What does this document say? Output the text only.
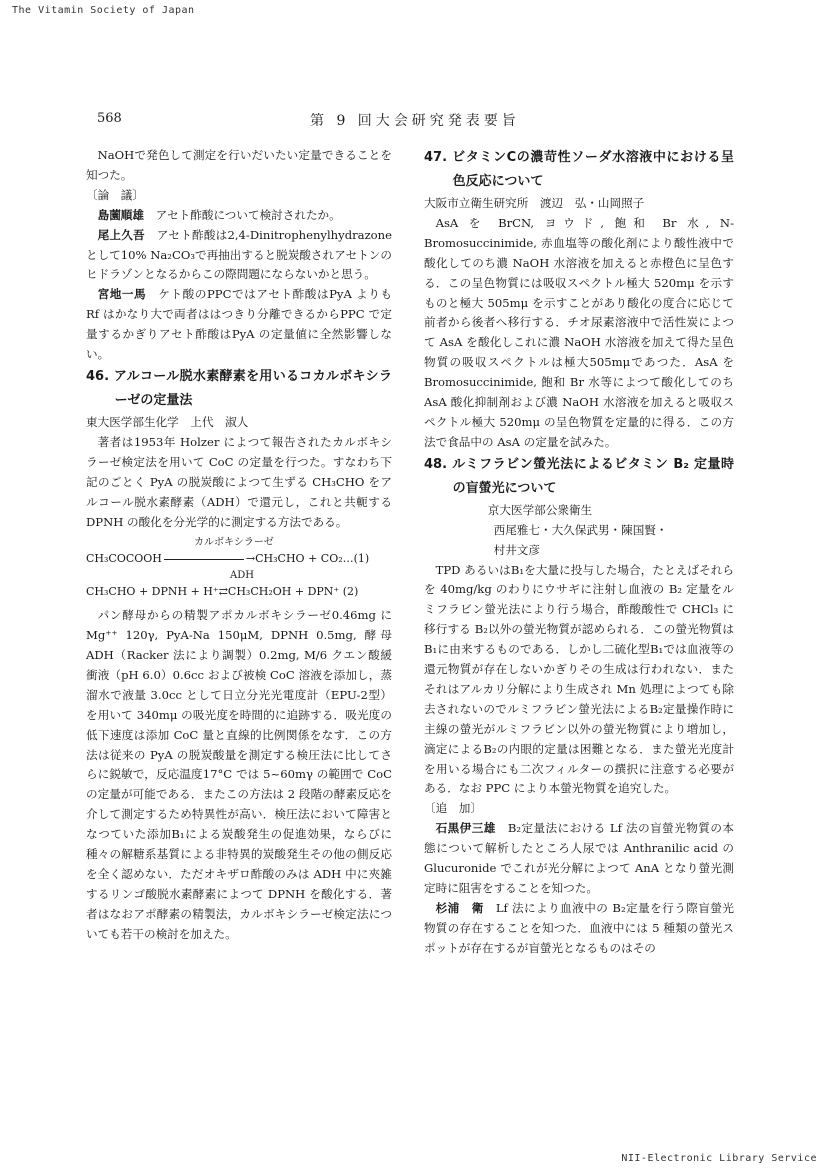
The Vitamin Society of Japan
568	第 9 回大会研究発表要旨

NaOHで発色して測定を行いだいたい定量できることを知つた。

〔論　議〕

島薗順雄　 アセト酢酸について検討されたか。

尾上久吾　 アセト酢酸は2,4-Dinitrophenylhydrazone として10% Na₂CO₃で再抽出すると脱炭酸されアセトンのヒドラゾンとなるからこの際問題にならないかと思う。

宮地一馬　 ケト酸のPPCではアセト酢酸はPyA よりもRf はかなり大で両者ははつきり分離できるからPPC で定量するかぎりアセト酢酸はPyA の定量値に全然影響しない。

46. アルコール脱水素酵素を用いるコカルボキシラーゼの定量法

東大医学部生化学　上代　淑人

著者は1953年 Holzer によつて報告されたカルボキシラーゼ検定法を用いて CoC の定量を行つた。すなわち下記のごとく PyA の脱炭酸によつて生ずる CH₃CHO をアルコール脱水素酵素（ADH）で還元し，これと共軛する DPNH の酸化を分光学的に測定する方法である。

カルボキシラーゼ
CH₃COCOOH	→CH₃CHO + CO₂…(1)
ADH
CH₃CHO + DPNH + H⁺⇄CH₃CH₂OH + DPN⁺ (2)

パン酵母からの精製アポカルボキシラーゼ0.46mg に Mg⁺⁺ 120γ, PyA-Na 150μM, DPNH 0.5mg, 酵母 ADH（Racker 法により調製）0.2mg, M/6 クエン酸緩衝液（pH 6.0）0.6cc および被検 CoC 溶液を添加し，蒸溜水で液量 3.0cc として日立分光光電度計（EPU-2型）を用いて 340mμ の吸光度を時間的に追跡する．吸光度の低下速度は添加 CoC 量と直線的比例関係をなす．この方法は従来の PyA の脱炭酸量を測定する検圧法に比してさらに鋭敏で，反応温度17°C では 5~60mγ の範囲で CoC の定量が可能である．またこの方法は 2 段階の酵素反応を介して測定するため特異性が高い．検圧法において障害となつていた添加B₁による炭酸発生の促進効果，ならびに種々の解糖系基質による非特異的炭酸発生その他の側反応を全く認めない．ただオキザロ酢酸のみは ADH 中に夾雑するリンゴ酸脱水素酵素によつて DPNH を酸化する．著者はなおアポ酵素の精製法，カルボキシラーゼ検定法についても若干の検討を加えた。

47. ビタミンCの濃苛性ソーダ水溶液中における呈色反応について

大阪市立衛生研究所　渡辺　弘・山岡照子

AsA を BrCN, ヨウド, 飽和 Br 水, N-Bromosuccinimide, 赤血塩等の酸化剤により酸性液中で酸化してのち濃 NaOH 水溶液を加えると赤橙色に呈色する．この呈色物質には吸収スペクトル極大 520mμ を示すものと極大 505mμ を示すことがあり酸化の度合に応じて前者から後者へ移行する．チオ尿素溶液中で活性炭によつて AsA を酸化しこれに濃 NaOH 水溶液を加えて得た呈色物質の吸収スペクトルは極大505mμであつた．AsA を Bromosuccinimide, 飽和 Br 水等によつて酸化してのち AsA 酸化抑制剤および濃 NaOH 水溶液を加えると吸収スペクトル極大 520mμ の呈色物質を定量的に得る．この方法で食品中の AsA の定量を試みた。

48. ルミフラビン螢光法によるビタミン B₂ 定量時の盲螢光について

京大医学部公衆衛生

西尾雅七・大久保武男・陳国賢・

村井文彦

TPD あるいはB₁を大量に投与した場合，たとえばそれらを 40mg/kg のわりにウサギに注射し血液の B₂ 定量をルミフラビン螢光法により行う場合，酢酸酸性で CHCl₃ に移行する B₂以外の螢光物質が認められる．この螢光物質はB₁に由来するものである．しかし二硫化型B₁では血液等の還元物質が存在しないかぎりその生成は行われない．またそれはアルカリ分解により生成され Mn 処理によつても除去されないのでルミフラビン螢光法によるB₂定量操作時に主線の螢光がルミフラビン以外の螢光物質により増加し，滴定によるB₂の内眼的定量は困難となる．また螢光光度計を用いる場合にも二次フィルターの撰択に注意する必要がある．なお PPC により本螢光物質を追究した。

〔追　加〕

石黒伊三雄　 B₂定量法における Lf 法の盲螢光物質の本態について解析したところ人尿では Anthranilic acid の Glucuronide でこれが光分解によつて AnA となり螢光測定時に阻害をすることを知つた。

杉浦　衛　 Lf 法により血液中の B₂定量を行う際盲螢光物質の存在することを知つた．血液中には 5 種類の螢光スポットが存在するが盲螢光となるものはその

NII-Electronic Library Service
